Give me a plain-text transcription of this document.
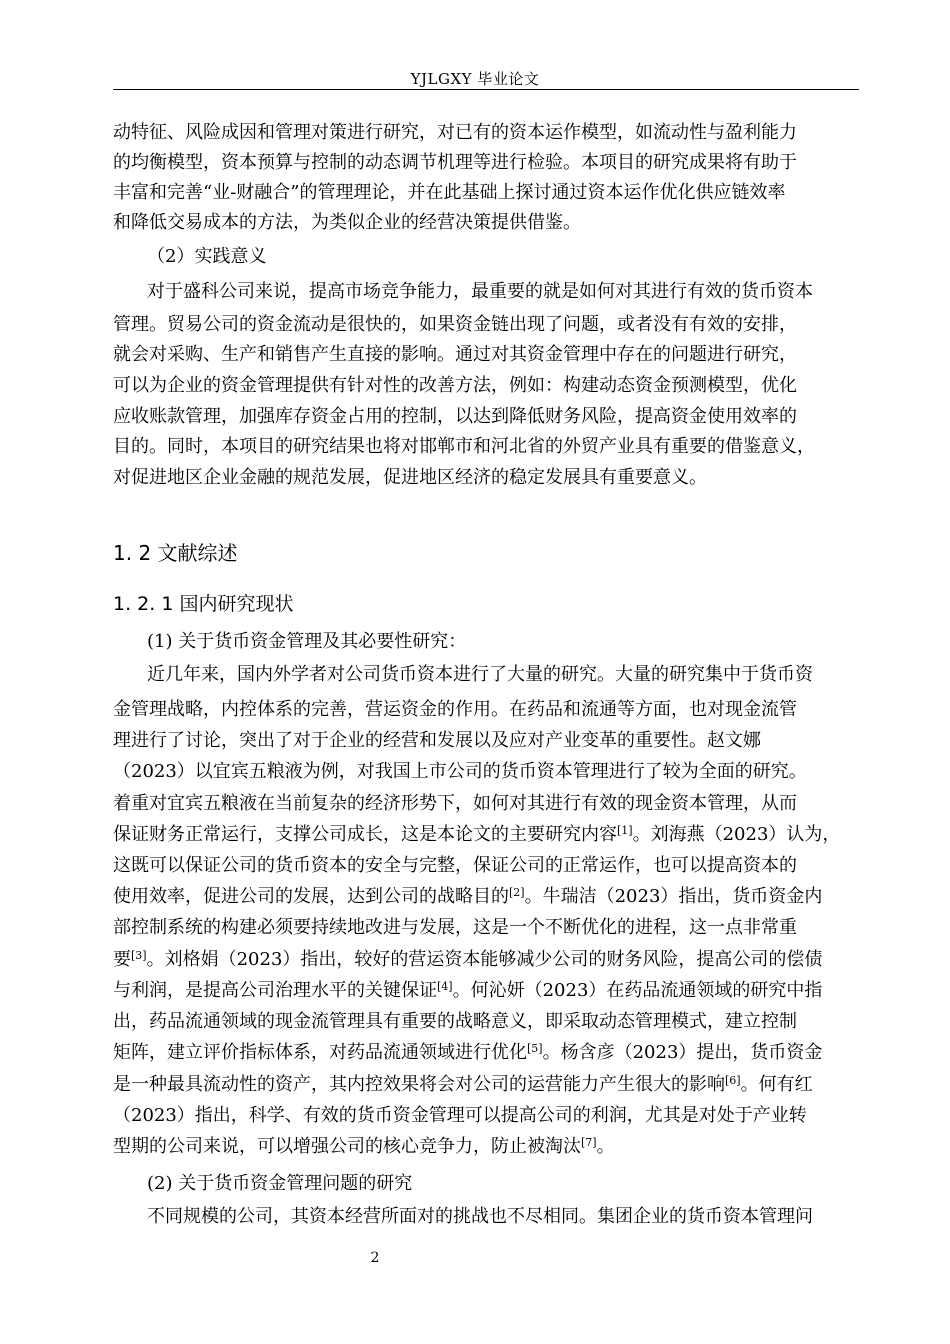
YJLGXY 毕业论文
动特征、风险成因和管理对策进行研究，对已有的资本运作模型，如流动性与盈利能力
的均衡模型，资本预算与控制的动态调节机理等进行检验。本项目的研究成果将有助于
丰富和完善“业-财融合”的管理理论，并在此基础上探讨通过资本运作优化供应链效率
和降低交易成本的方法，为类似企业的经营决策提供借鉴。
（2）实践意义
对于盛科公司来说，提高市场竞争能力，最重要的就是如何对其进行有效的货币资本
管理。贸易公司的资金流动是很快的，如果资金链出现了问题，或者没有有效的安排，
就会对采购、生产和销售产生直接的影响。通过对其资金管理中存在的问题进行研究，
可以为企业的资金管理提供有针对性的改善方法，例如：构建动态资金预测模型，优化
应收账款管理，加强库存资金占用的控制，以达到降低财务风险，提高资金使用效率的
目的。同时，本项目的研究结果也将对邯郸市和河北省的外贸产业具有重要的借鉴意义，
对促进地区企业金融的规范发展，促进地区经济的稳定发展具有重要意义。
1. 2 文献综述
1. 2. 1 国内研究现状
(1) 关于货币资金管理及其必要性研究：
近几年来，国内外学者对公司货币资本进行了大量的研究。大量的研究集中于货币资
金管理战略，内控体系的完善，营运资金的作用。在药品和流通等方面，也对现金流管
理进行了讨论，突出了对于企业的经营和发展以及应对产业变革的重要性。赵文娜
（2023）以宜宾五粮液为例，对我国上市公司的货币资本管理进行了较为全面的研究。
着重对宜宾五粮液在当前复杂的经济形势下，如何对其进行有效的现金资本管理，从而
保证财务正常运行，支撑公司成长，这是本论文的主要研究内容[1]。刘海燕（2023）认为，
这既可以保证公司的货币资本的安全与完整，保证公司的正常运作，也可以提高资本的
使用效率，促进公司的发展，达到公司的战略目的[2]。牛瑞洁（2023）指出，货币资金内
部控制系统的构建必须要持续地改进与发展，这是一个不断优化的进程，这一点非常重
要[3]。刘格娟（2023）指出，较好的营运资本能够减少公司的财务风险，提高公司的偿债
与利润，是提高公司治理水平的关键保证[4]。何沁妍（2023）在药品流通领域的研究中指
出，药品流通领域的现金流管理具有重要的战略意义，即采取动态管理模式，建立控制
矩阵，建立评价指标体系，对药品流通领域进行优化[5]。杨含彦（2023）提出，货币资金
是一种最具流动性的资产，其内控效果将会对公司的运营能力产生很大的影响[6]。何有红
（2023）指出，科学、有效的货币资金管理可以提高公司的利润，尤其是对处于产业转
型期的公司来说，可以增强公司的核心竞争力，防止被淘汰[7]。
(2) 关于货币资金管理问题的研究
不同规模的公司，其资本经营所面对的挑战也不尽相同。集团企业的货币资本管理问
2
